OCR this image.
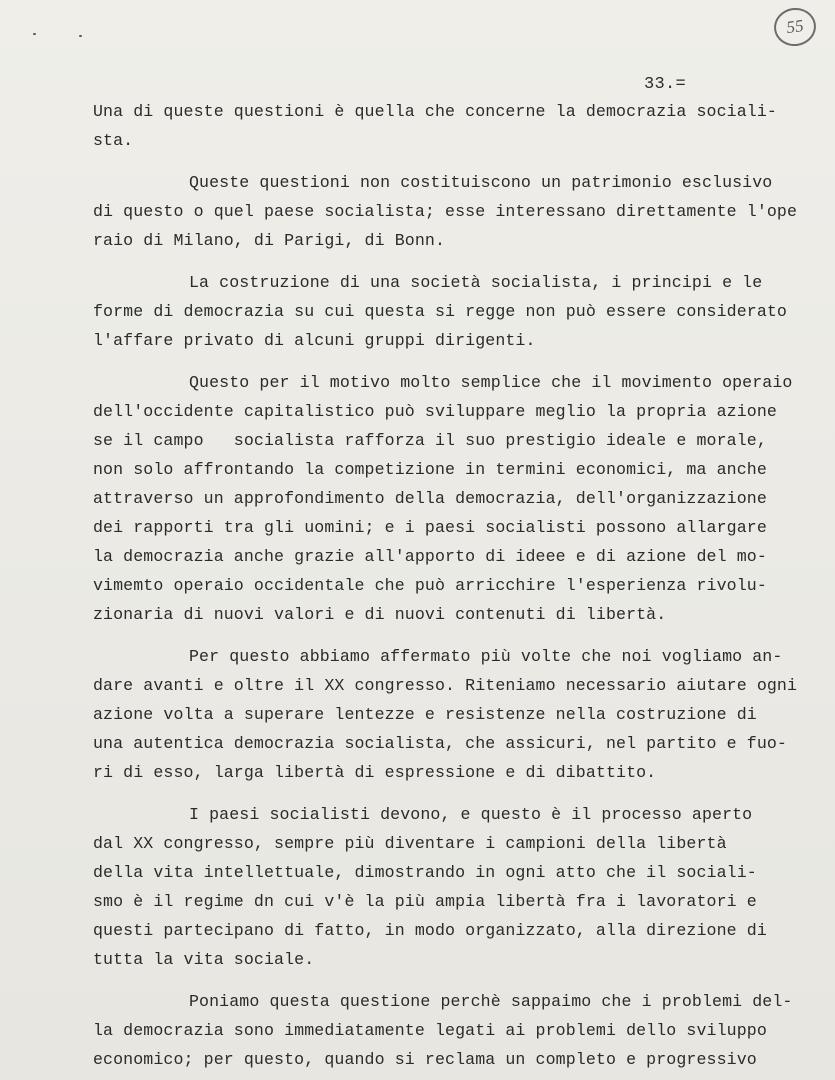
55
33.=
Una di queste questioni è quella che concerne la democrazia sociali-
sta.
Queste questioni non costituiscono un patrimonio esclusivo
di questo o quel paese socialista; esse interessano direttamente l'ope
raio di Milano, di Parigi, di Bonn.
La costruzione di una società socialista, i principi e le
forme di democrazia su cui questa si regge non può essere considerato
l'affare privato di alcuni gruppi dirigenti.
Questo per il motivo molto semplice che il movimento operaio
dell'occidente capitalistico può sviluppare meglio la propria azione
se il campo   socialista rafforza il suo prestigio ideale e morale,
non solo affrontando la competizione in termini economici, ma anche
attraverso un approfondimento della democrazia, dell'organizzazione
dei rapporti tra gli uomini; e i paesi socialisti possono allargare
la democrazia anche grazie all'apporto di ideee e di azione del mo-
vimemto operaio occidentale che può arricchire l'esperienza rivolu-
zionaria di nuovi valori e di nuovi contenuti di libertà.
Per questo abbiamo affermato più volte che noi vogliamo an-
dare avanti e oltre il XX congresso. Riteniamo necessario aiutare ogni
azione volta a superare lentezze e resistenze nella costruzione di
una autentica democrazia socialista, che assicuri, nel partito e fuo-
ri di esso, larga libertà di espressione e di dibattito.
I paesi socialisti devono, e questo è il processo aperto
dal XX congresso, sempre più diventare i campioni della libertà
della vita intellettuale, dimostrando in ogni atto che il sociali-
smo è il regime dn cui v'è la più ampia libertà fra i lavoratori e
questi partecipano di fatto, in modo organizzato, alla direzione di
tutta la vita sociale.
Poniamo questa questione perchè sappaimo che i problemi del-
la democrazia sono immediatamente legati ai problemi dello sviluppo
economico; per questo, quando si reclama un completo e progressivo
